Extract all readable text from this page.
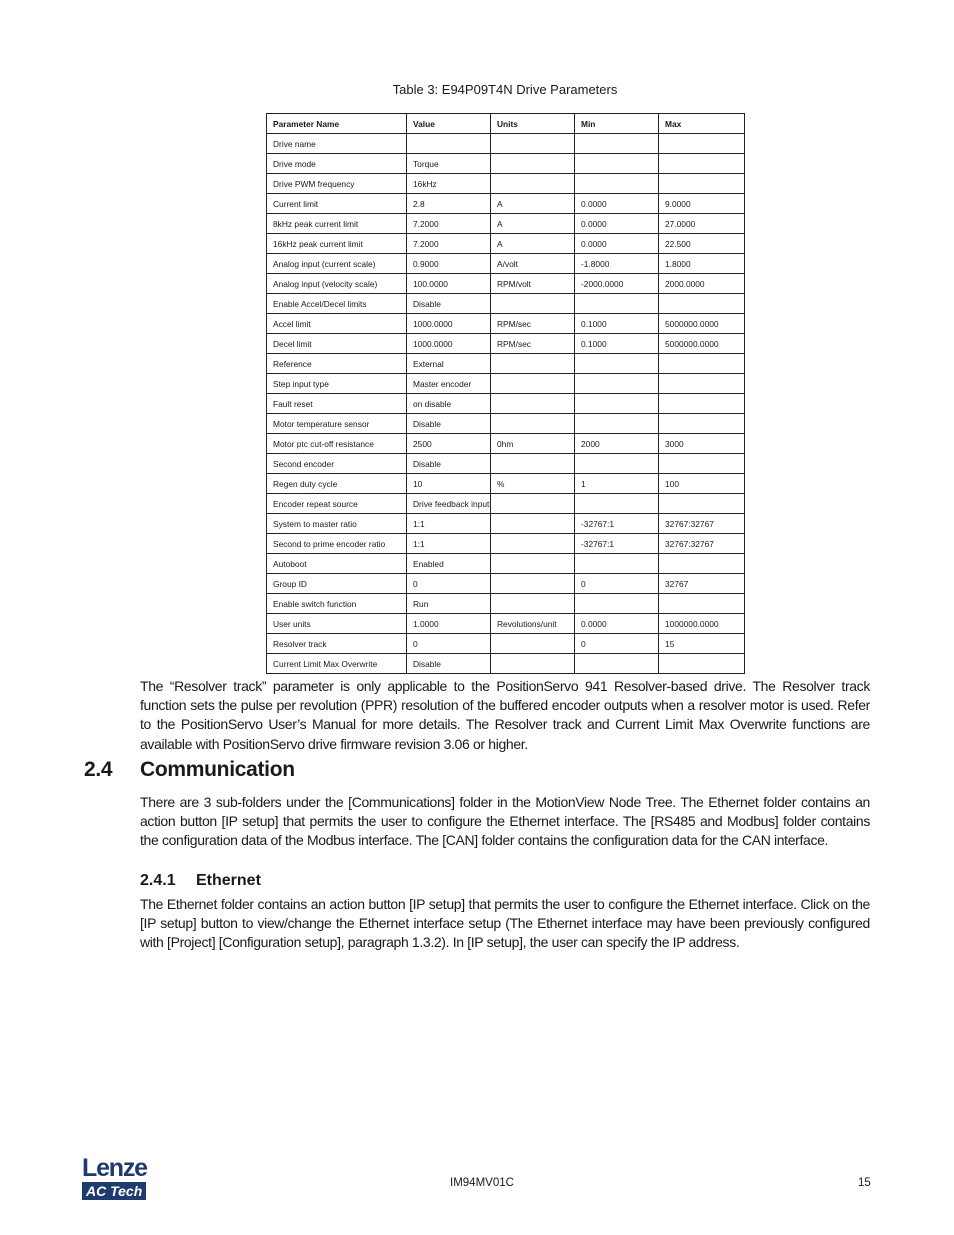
Table 3: E94P09T4N Drive Parameters
Parameter Name	Value	Units	Min	Max
Drive name				
Drive mode	Torque			
Drive PWM frequency	16kHz			
Current limit	2.8	A	0.0000	9.0000
8kHz peak current limit	7.2000	A	0.0000	27.0000
16kHz peak current limit	7.2000	A	0.0000	22.500
Analog input (current scale)	0.9000	A/volt	-1.8000	1.8000
Analog input (velocity scale)	100.0000	RPM/volt	-2000.0000	2000.0000
Enable Accel/Decel limits	Disable			
Accel limit	1000.0000	RPM/sec	0.1000	5000000.0000
Decel limit	1000.0000	RPM/sec	0.1000	5000000.0000
Reference	External			
Step input type	Master encoder			
Fault reset	on disable			
Motor temperature sensor	Disable			
Motor ptc cut-off resistance	2500	0hm	2000	3000
Second encoder	Disable			
Regen duty cycle	10	%	1	100
Encoder repeat source	Drive feedback input			
System to master ratio	1:1		-32767:1	32767:32767
Second to prime encoder ratio	1:1		-32767:1	32767:32767
Autoboot	Enabled			
Group ID	0		0	32767
Enable switch function	Run			
User units	1.0000	Revolutions/unit	0.0000	1000000.0000
Resolver track	0		0	15
Current Limit Max Overwrite	Disable			

The “Resolver track” parameter is only applicable to the PositionServo 941 Resolver-based drive. The Resolver track function sets the pulse per revolution (PPR) resolution of the buffered encoder outputs when a resolver motor is used. Refer to the PositionServo User’s Manual for more details. The Resolver track and Current Limit Max Overwrite functions are available with PositionServo drive firmware revision 3.06 or higher.

2.4 Communication

There are 3 sub-folders under the [Communications] folder in the MotionView Node Tree. The Ethernet folder contains an action button [IP setup] that permits the user to configure the Ethernet interface. The [RS485 and Modbus] folder contains the configuration data of the Modbus interface. The [CAN] folder contains the configuration data for the CAN interface.

2.4.1 Ethernet

The Ethernet folder contains an action button [IP setup] that permits the user to configure the Ethernet interface. Click on the [IP setup] button to view/change the Ethernet interface setup (The Ethernet interface may have been previously configured with [Project] [Configuration setup], paragraph 1.3.2). In [IP setup], the user can specify the IP address.

Lenze
AC Tech	IM94MV01C	15
